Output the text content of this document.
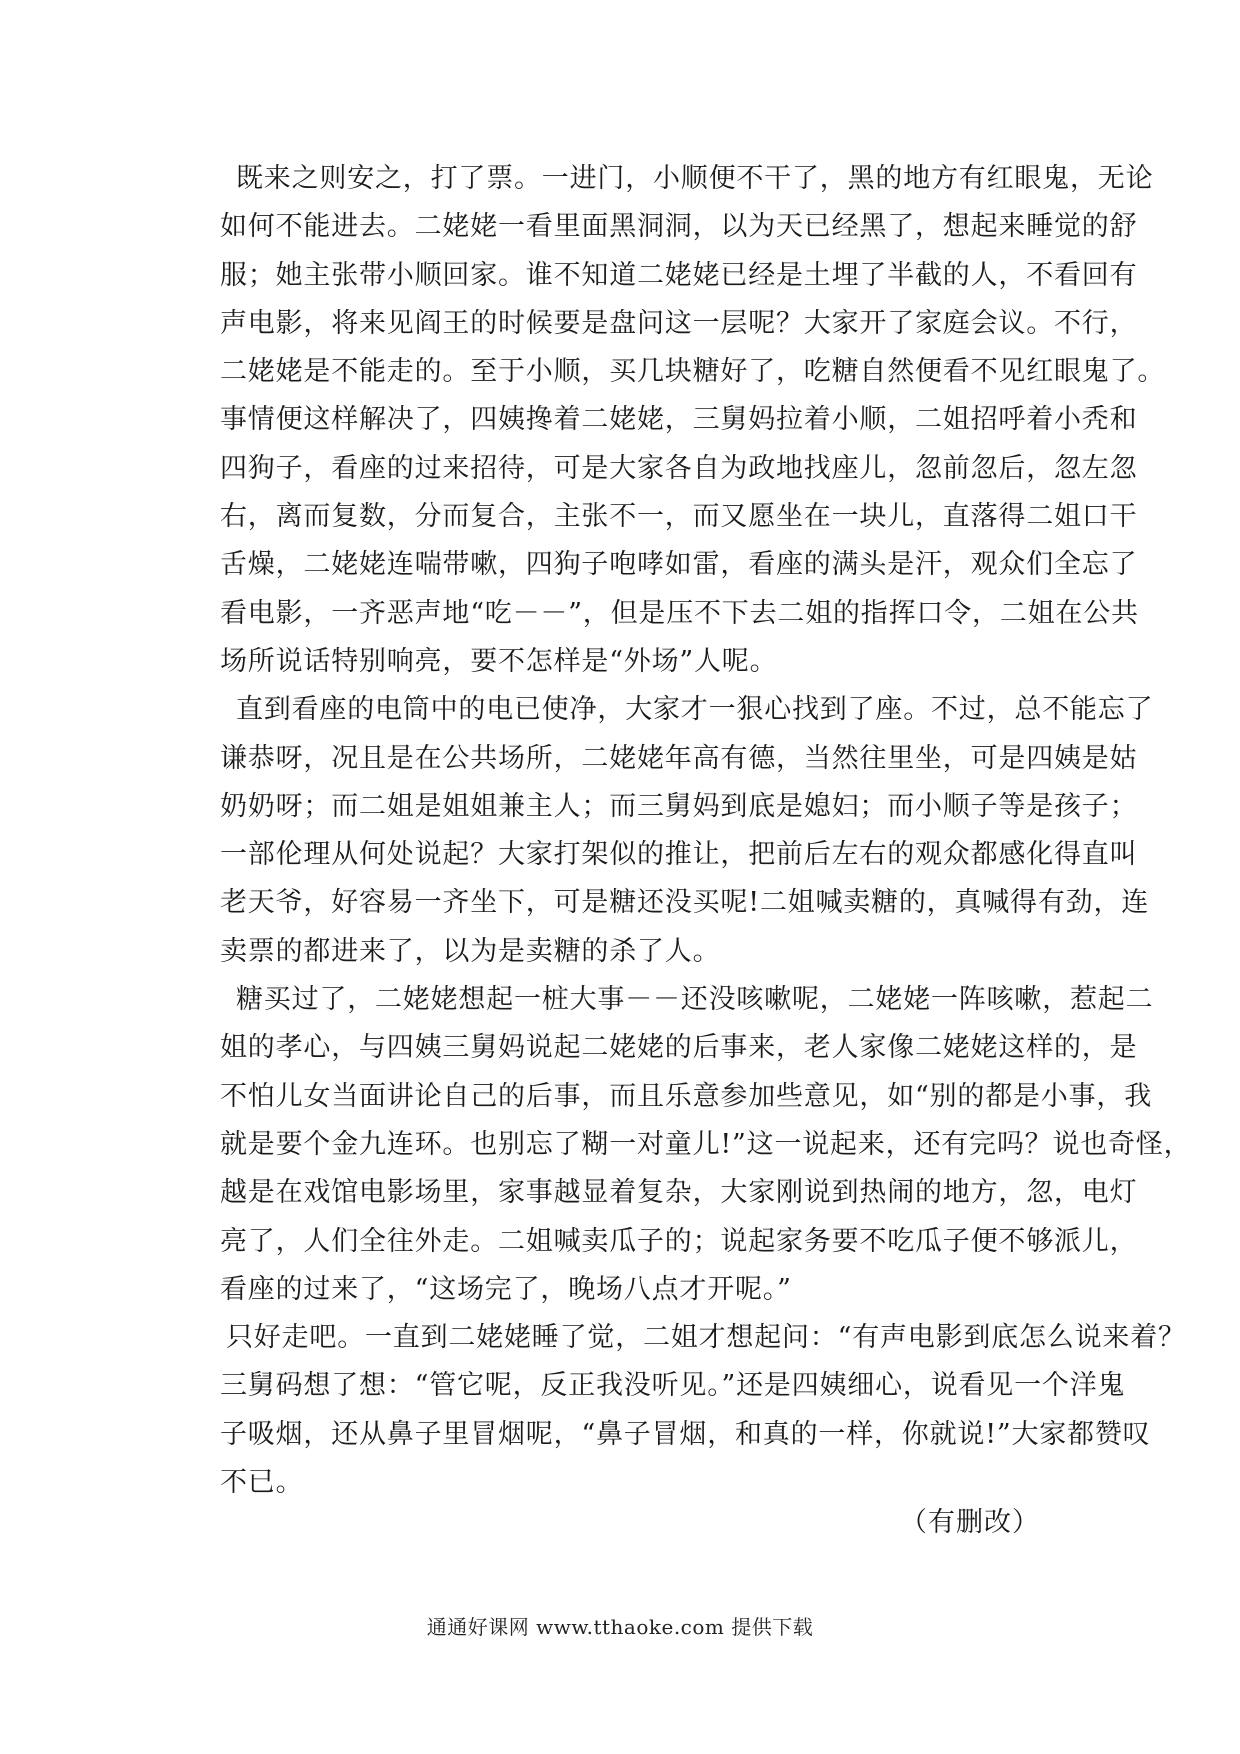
既来之则安之，打了票。一进门，小顺便不干了，黑的地方有红眼鬼，无论
如何不能进去。二姥姥一看里面黑洞洞，以为天已经黑了，想起来睡觉的舒
服；她主张带小顺回家。谁不知道二姥姥已经是土埋了半截的人，不看回有
声电影，将来见阎王的时候要是盘问这一层呢？大家开了家庭会议。不行，
二姥姥是不能走的。至于小顺，买几块糖好了，吃糖自然便看不见红眼鬼了。
事情便这样解决了，四姨搀着二姥姥，三舅妈拉着小顺，二姐招呼着小秃和
四狗子，看座的过来招待，可是大家各自为政地找座儿，忽前忽后，忽左忽
右，离而复数，分而复合，主张不一，而又愿坐在一块儿，直落得二姐口干
舌燥，二姥姥连喘带嗽，四狗子咆哮如雷，看座的满头是汗，观众们全忘了
看电影，一齐恶声地“吃－－”，但是压不下去二姐的指挥口令，二姐在公共
场所说话特别响亮，要不怎样是“外场”人呢。
直到看座的电筒中的电已使净，大家才一狠心找到了座。不过，总不能忘了
谦恭呀，况且是在公共场所，二姥姥年高有德，当然往里坐，可是四姨是姑
奶奶呀；而二姐是姐姐兼主人；而三舅妈到底是媳妇；而小顺子等是孩子；
一部伦理从何处说起？大家打架似的推让，把前后左右的观众都感化得直叫
老天爷，好容易一齐坐下，可是糖还没买呢!二姐喊卖糖的，真喊得有劲，连
卖票的都进来了，以为是卖糖的杀了人。
糖买过了，二姥姥想起一桩大事－－还没咳嗽呢，二姥姥一阵咳嗽，惹起二
姐的孝心，与四姨三舅妈说起二姥姥的后事来，老人家像二姥姥这样的，是
不怕儿女当面讲论自己的后事，而且乐意参加些意见，如“别的都是小事，我
就是要个金九连环。也别忘了糊一对童儿!”这一说起来，还有完吗？说也奇怪，
越是在戏馆电影场里，家事越显着复杂，大家刚说到热闹的地方，忽，电灯
亮了，人们全往外走。二姐喊卖瓜子的；说起家务要不吃瓜子便不够派儿，
看座的过来了，“这场完了，晚场八点才开呢。”
只好走吧。一直到二姥姥睡了觉，二姐才想起问：“有声电影到底怎么说来着？
三舅码想了想：“管它呢，反正我没听见。”还是四姨细心，说看见一个洋鬼
子吸烟，还从鼻子里冒烟呢，“鼻子冒烟，和真的一样，你就说!”大家都赞叹
不已。
（有删改）
通通好课网 www.tthaoke.com 提供下载
